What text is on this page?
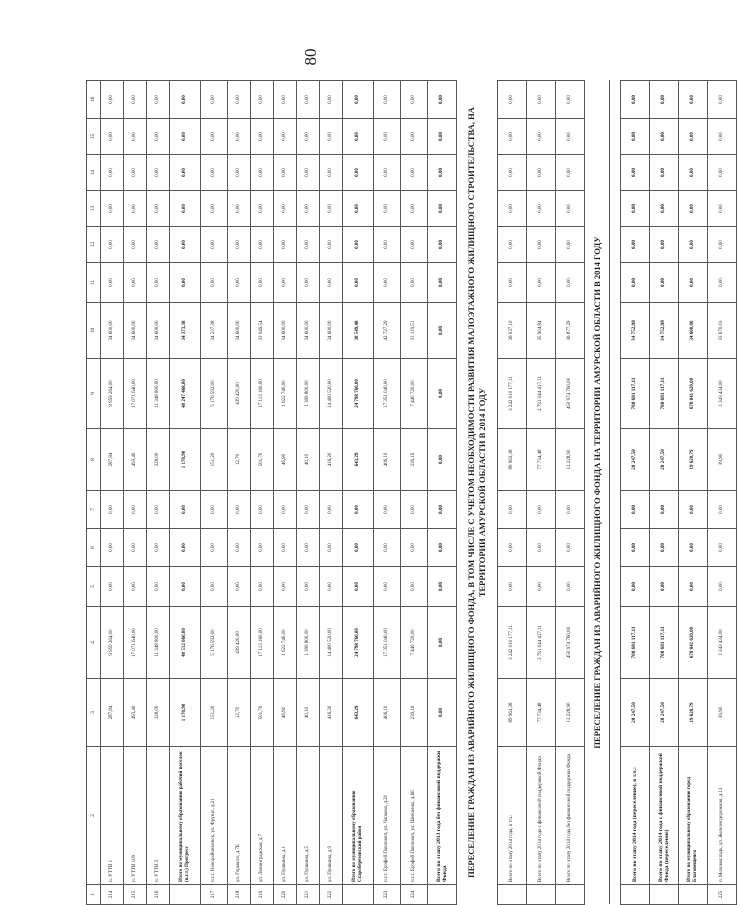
80
1	2	3	4	5	6	7	8	9	10	11	12	13	14	15	16
214	п. УТТИ 1	287,84	9 959 264,00	0,00	0,00	0,00	287,84	9 959 264,00	34 600,00	0,00	0,00	0,00	0,00	0,00	0,00
215	п. УТТИ 109	493,40	17 071 640,00	0,00	0,00	0,00	493,40	17 071 640,00	34 600,00	0,00	0,00	0,00	0,00	0,00	0,00
216	п. УТТИ 3	328,00	11 348 800,00	0,00	0,00	0,00	328,00	11 348 800,00	34 600,00	0,00	0,00	0,00	0,00	0,00	0,00
	Итого по муниципальному образованию рабочий поселок (п.г.т.) Прогресс	1 170,90	40 512 060,00	0,00	0,00	0,00	1 170,90	40 247 468,00	34 373,38	0,00	0,00	0,00	0,00	0,00	0,00
217	п.г.т. Новорайчихинск, ул. Фрунзе, д.21	151,20	5 176 592,00	0,00	0,00	0,00	151,20	5 176 592,00	34 237,38	0,00	0,00	0,00	0,00	0,00	0,00
218	ул. Горького, д.7Б	12,70	439 420,00	0,00	0,00	0,00	12,70	439 420,00	34 600,00	0,00	0,00	0,00	0,00	0,00	0,00
219	ул. Ленинградская, д.7	501,70	17 113 160,00	0,00	0,00	0,00	501,70	17 113 160,00	33 949,54	0,00	0,00	0,00	0,00	0,00	0,00
220	ул. Пушкина, д.1	46,90	1 622 740,00	0,00	0,00	0,00	46,90	1 622 740,00	34 600,00	0,00	0,00	0,00	0,00	0,00	0,00
221	ул. Пушкина, д.5	40,10	1 399 800,00	0,00	0,00	0,00	40,10	1 399 800,00	34 600,00	0,00	0,00	0,00	0,00	0,00	0,00
222	ул. Пушкина, д.9	416,20	14 400 520,00	0,00	0,00	0,00	416,20	14 400 520,00	34 600,00	0,00	0,00	0,00	0,00	0,00	0,00
	Итого по муниципальному образованию Староберезовский район	643,29	24 798 760,00	0,00	0,00	0,00	643,29	24 798 760,00	38 549,48	0,00	0,00	0,00	0,00	0,00	0,00
223	п.г.т. Ерофей Павлович, ул. Чапаева, д.20	406,10	17 351 040,00	0,00	0,00	0,00	406,10	17 351 040,00	42 727,29	0,00	0,00	0,00	0,00	0,00	0,00
224	п.г.т. Ерофей Павлович, ул. Шевченко, д.66	239,19	7 440 720,00	0,00	0,00	0,00	239,19	7 440 720,00	31 119,51	0,00	0,00	0,00	0,00	0,00	0,00
	Всего по этапу 2013 года без финансовой поддержки Фонда	0,00	0,00	0,00	0,00	0,00	0,00	0,00	0,00	0,00	0,00	0,00	0,00	0,00	0,00
ПЕРЕСЕЛЕНИЕ ГРАЖДАН ИЗ АВАРИЙНОГО ЖИЛИЩНОГО ФОНДА, В ТОМ ЧИСЛЕ С УЧЕТОМ НЕОБХОДИМОСТИ РАЗВИТИЯ МАЛОЭТАЖНОГО ЖИЛИЩНОГО СТРОИТЕЛЬСТВА, НА ТЕРРИТОРИИ АМУРСКОЙ ОБЛАСТИ В 2014 ГОДУ															
	Всего по этапу 2014 года, в т.ч.:	89 963,38	3 242 010 177,11	0,00	0,00	0,00	89 963,38	3 242 010 177,11	36 037,10	0,00	0,00	0,00	0,00	0,00	0,00
	Всего по этапу 2014 года с финансовой поддержкой Фонда	77 734,48	2 791 044 417,11	0,00	0,00	0,00	77 734,48	2 791 044 417,11	35 904,84	0,00	0,00	0,00	0,00	0,00	0,00
	Всего по этапу 2014 года без финансовой поддержки Фонда	12 228,90	450 974 760,00	0,00	0,00	0,00	12 228,90	450 974 760,00	36 877,29	0,00	0,00	0,00	0,00	0,00	0,00
ПЕРЕСЕЛЕНИЕ ГРАЖДАН ИЗ АВАРИЙНОГО ЖИЛИЩНОГО ФОНДА НА ТЕРРИТОРИИ АМУРСКОЙ ОБЛАСТИ В 2014 ГОДУ															

	Всего по этапу 2014 года (переселение), в т.ч.:	20 247,50	700 681 117,11	0,00	0,00	0,00	20 247,50	700 681 117,11	34 752,98	0,00	0,00	0,00	0,00	0,00	0,00
	Всего по этапу 2014 года с финансовой поддержкой Фонда (переселение)	20 247,50	700 681 117,11	0,00	0,00	0,00	20 247,50	700 681 117,11	34 752,98	0,00	0,00	0,00	0,00	0,00	0,00
	Итого по муниципальному образованию город Благовещенск	19 620,79	678 841 620,00	0,00	0,00	0,00	19 620,79	678 841 620,00	34 600,00	0,00	0,00	0,00	0,00	0,00	0,00
225	п. Моховая падь, ул. Железнодорожная, д.13	39,90	1 343 434,00	0,00	0,00	0,00	39,90	1 343 434,00	33 670,03	0,00	0,00	0,00	0,00	0,00	0,00
